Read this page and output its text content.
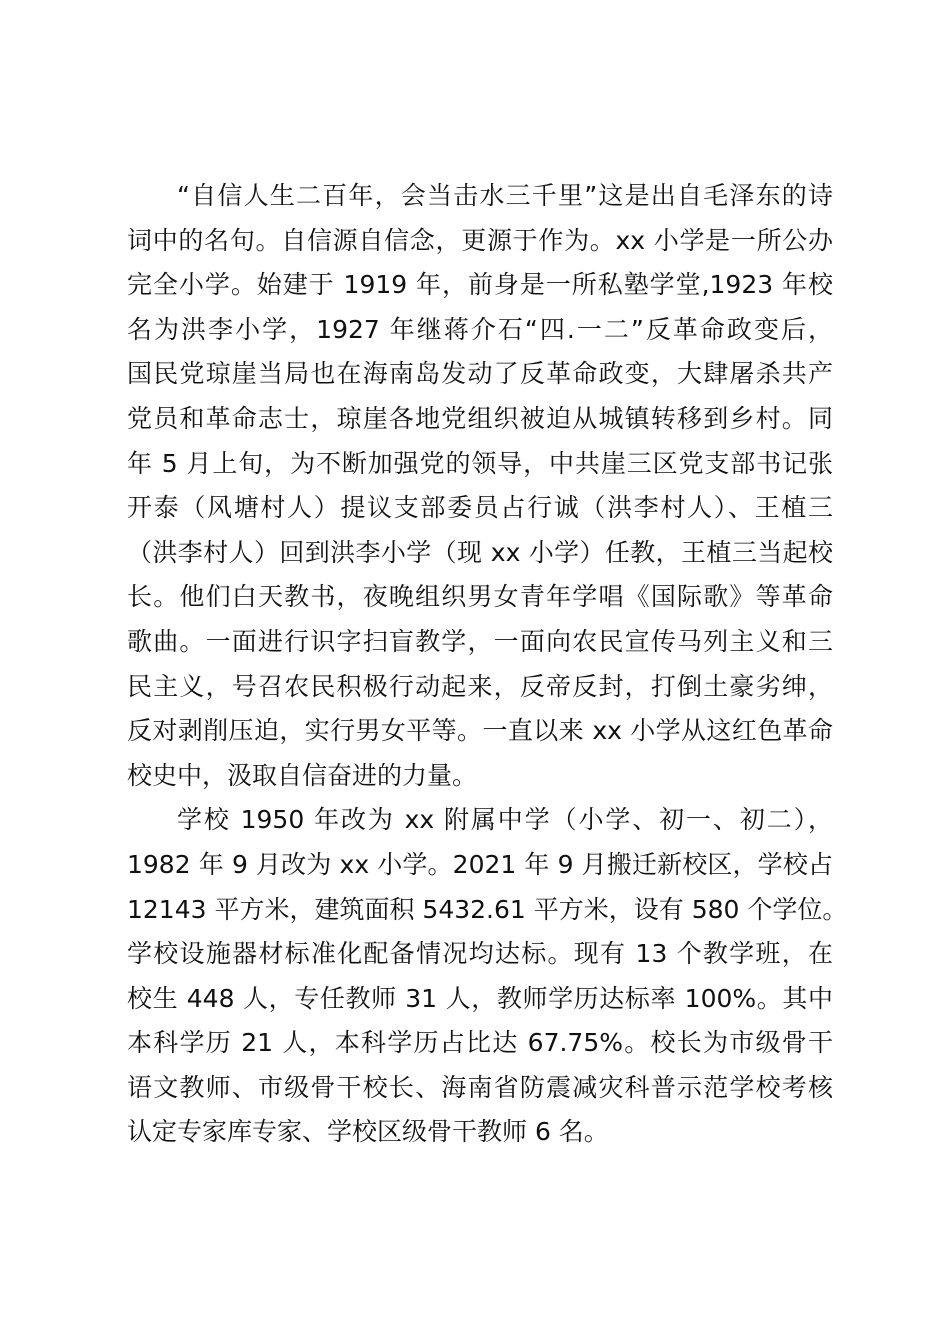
“自信人生二百年，会当击水三千里”这是出自毛泽东的诗
词中的名句。自信源自信念，更源于作为。xx 小学是一所公办
完全小学。始建于 1919 年，前身是一所私塾学堂,1923 年校
名为洪李小学，1927 年继蒋介石“四.一二”反革命政变后，
国民党琼崖当局也在海南岛发动了反革命政变，大肆屠杀共产
党员和革命志士，琼崖各地党组织被迫从城镇转移到乡村。同
年 5 月上旬，为不断加强党的领导，中共崖三区党支部书记张
开泰（风塘村人）提议支部委员占行诚（洪李村人）、王植三
（洪李村人）回到洪李小学（现 xx 小学）任教，王植三当起校
长。他们白天教书，夜晚组织男女青年学唱《国际歌》等革命
歌曲。一面进行识字扫盲教学，一面向农民宣传马列主义和三
民主义，号召农民积极行动起来，反帝反封，打倒土豪劣绅，
反对剥削压迫，实行男女平等。一直以来 xx 小学从这红色革命
校史中，汲取自信奋进的力量。
学校 1950 年改为 xx 附属中学（小学、初一、初二），
1982 年 9 月改为 xx 小学。2021 年 9 月搬迁新校区，学校占
12143 平方米，建筑面积 5432.61 平方米，设有 580 个学位。
学校设施器材标准化配备情况均达标。现有 13 个教学班，在
校生 448 人，专任教师 31 人，教师学历达标率 100%。其中
本科学历 21 人，本科学历占比达 67.75%。校长为市级骨干
语文教师、市级骨干校长、海南省防震减灾科普示范学校考核
认定专家库专家、学校区级骨干教师 6 名。
